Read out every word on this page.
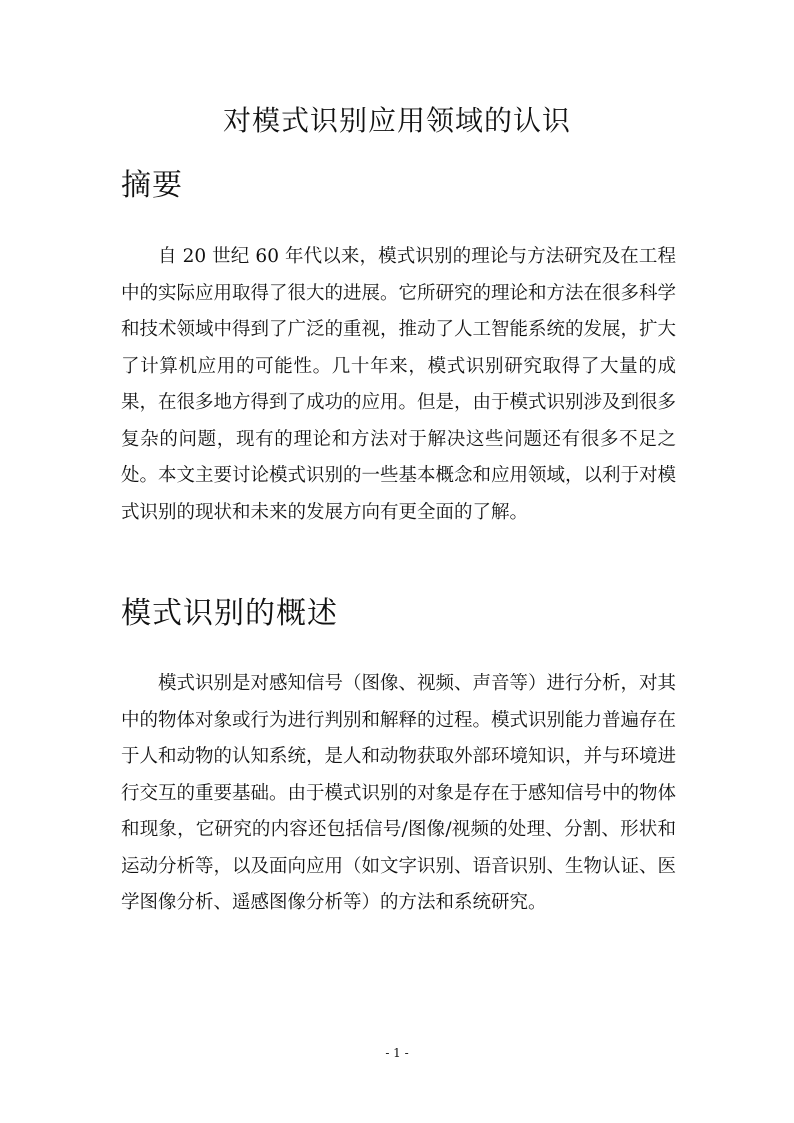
对模式识别应用领域的认识
摘要

自 20 世纪 60 年代以来，模式识别的理论与方法研究及在工程中的实际应用取得了很大的进展。它所研究的理论和方法在很多科学和技术领域中得到了广泛的重视，推动了人工智能系统的发展，扩大了计算机应用的可能性。几十年来，模式识别研究取得了大量的成果，在很多地方得到了成功的应用。但是，由于模式识别涉及到很多复杂的问题，现有的理论和方法对于解决这些问题还有很多不足之处。本文主要讨论模式识别的一些基本概念和应用领域，以利于对模式识别的现状和未来的发展方向有更全面的了解。

模式识别的概述

模式识别是对感知信号（图像、视频、声音等）进行分析，对其中的物体对象或行为进行判别和解释的过程。模式识别能力普遍存在于人和动物的认知系统，是人和动物获取外部环境知识，并与环境进行交互的重要基础。由于模式识别的对象是存在于感知信号中的物体和现象，它研究的内容还包括信号/图像/视频的处理、分割、形状和运动分析等，以及面向应用（如文字识别、语音识别、生物认证、医学图像分析、遥感图像分析等）的方法和系统研究。

- 1 -
